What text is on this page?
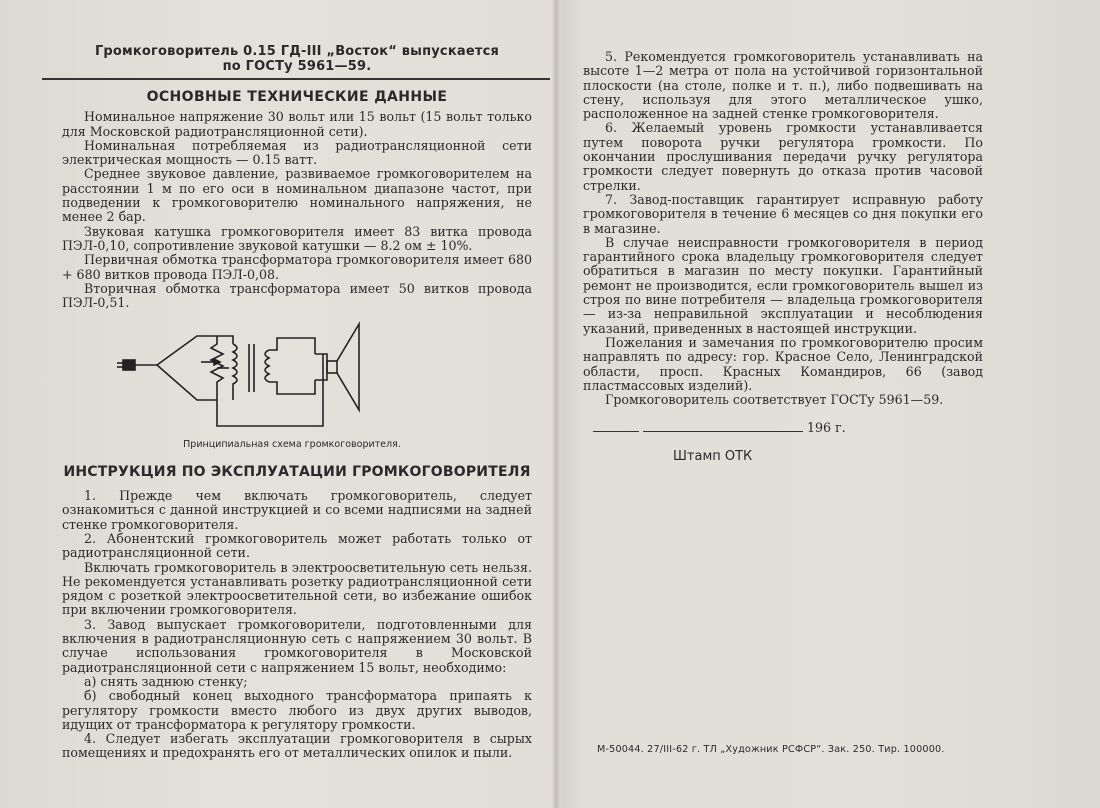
Громкоговоритель 0.15 ГД-III „Восток“ выпускается
по ГОСТу 5961—59.
ОСНОВНЫЕ ТЕХНИЧЕСКИЕ ДАННЫЕ

Номинальное напряжение 30 вольт или 15 вольт (15 вольт только для Московской радиотрансляционной сети).

Номинальная потребляемая из радиотрансляционной сети электрическая мощность — 0.15 ватт.

Среднее звуковое давление, развиваемое громкоговорителем на расстоянии 1 м по его оси в номинальном диапазоне частот, при подведении к громкоговорителю номинального напряжения, не менее 2 бар.

Звуковая катушка громкоговорителя имеет 83 витка провода ПЭЛ-0,10, сопротивление звуковой катушки — 8.2 ом ± 10%.

Первичная обмотка трансформатора громкоговорителя имеет 680 + 680 витков провода ПЭЛ-0,08.

Вторичная обмотка трансформатора имеет 50 витков провода ПЭЛ-0,51.

Принципиальная схема громкоговорителя.
ИНСТРУКЦИЯ ПО ЭКСПЛУАТАЦИИ ГРОМКОГОВОРИТЕЛЯ

1. Прежде чем включать громкоговоритель, следует ознакомиться с данной инструкцией и со всеми надписями на задней стенке громкоговорителя.

2. Абонентский громкоговоритель может работать только от радиотрансляционной сети.

Включать громкоговоритель в электроосветительную сеть нельзя. Не рекомендуется устанавливать розетку радиотрансляционной сети рядом с розеткой электроосветительной сети, во избежание ошибок при включении громкоговорителя.

3. Завод выпускает громкоговорители, подготовленными для включения в радиотрансляционную сеть с напряжением 30 вольт. В случае использования громкоговорителя в Московской радиотрансляционной сети с напряжением 15 вольт, необходимо:

а) снять заднюю стенку;

б) свободный конец выходного трансформатора припаять к регулятору громкости вместо любого из двух других выводов, идущих от трансформатора к регулятору громкости.

4. Следует избегать эксплуатации громкоговорителя в сырых помещениях и предохранять его от металлических опилок и пыли.

5. Рекомендуется громкоговоритель устанавливать на высоте 1—2 метра от пола на устойчивой горизонтальной плоскости (на столе, полке и т. п.), либо подвешивать на стену, используя для этого металлическое ушко, расположенное на задней стенке громкоговорителя.

6. Желаемый уровень громкости устанавливается путем поворота ручки регулятора громкости. По окончании прослушивания передачи ручку регулятора громкости следует повернуть до отказа против часовой стрелки.

7. Завод-поставщик гарантирует исправную работу громкоговорителя в течение 6 месяцев со дня покупки его в магазине.

В случае неисправности громкоговорителя в период гарантийного срока владельцу громкоговорителя следует обратиться в магазин по месту покупки. Гарантийный ремонт не производится, если громкоговоритель вышел из строя по вине потребителя — владельца громкоговорителя — из-за неправильной эксплуатации и несоблюдения указаний, приведенных в настоящей инструкции.

Пожелания и замечания по громкоговорителю просим направлять по адресу: гор. Красное Село, Ленинградской области, просп. Красных Командиров, 66 (завод пластмассовых изделий).

Громкоговоритель соответствует ГОСТу 5961—59.

196 г.

Штамп ОТК

М-50044. 27/III-62 г. ТЛ „Художник РСФСР“. Зак. 250. Тир. 100000.
